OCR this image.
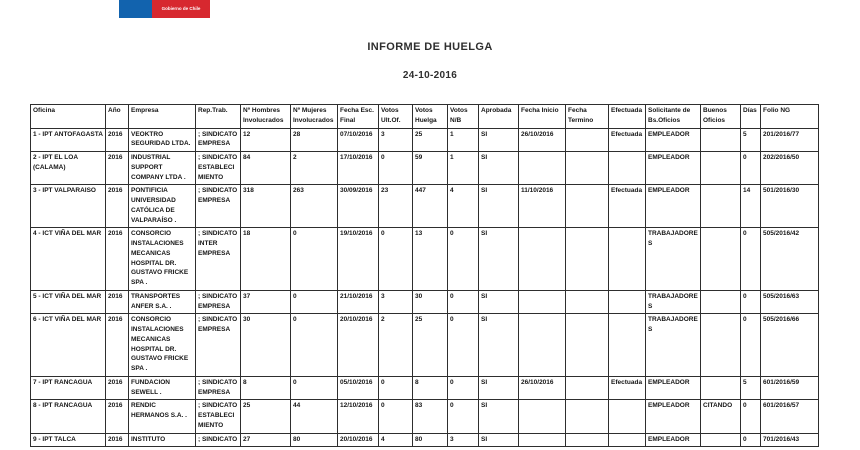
Gobierno de Chile
INFORME DE HUELGA
24-10-2016
Oficina	Año	Empresa	Rep.Trab.	Nº Hombres Involucrados	Nº Mujeres Involucrados	Fecha Esc. Final	Votos Ult.Of.	Votos Huelga	Votos N/B	Aprobada	Fecha Inicio	Fecha Termino	Efectuada	Solicitante de Bs.Oficios	Buenos Oficios	Días	Folio NG
1 - IPT ANTOFAGASTA	2016	VEOKTRO SEGURIDAD LTDA.	; SINDICATO EMPRESA	12	28	07/10/2016	3	25	1	SI	26/10/2016		Efectuada	EMPLEADOR		5	201/2016/77
2 - IPT EL LOA (CALAMA)	2016	INDUSTRIAL SUPPORT COMPANY LTDA .	; SINDICATO ESTABLECIMIENTO	84	2	17/10/2016	0	59	1	SI				EMPLEADOR		0	202/2016/50
3 - IPT VALPARAISO	2016	PONTIFICIA UNIVERSIDAD CATÓLICA DE VALPARAÍSO .	; SINDICATO EMPRESA	318	263	30/09/2016	23	447	4	SI	11/10/2016		Efectuada	EMPLEADOR		14	501/2016/30
4 - ICT VIÑA DEL MAR	2016	CONSORCIO INSTALACIONES MECANICAS HOSPITAL DR. GUSTAVO FRICKE SPA .	; SINDICATO INTER EMPRESA	18	0	19/10/2016	0	13	0	SI				TRABAJADORES		0	505/2016/42
5 - ICT VIÑA DEL MAR	2016	TRANSPORTES ANFER S.A. .	; SINDICATO EMPRESA	37	0	21/10/2016	3	30	0	SI				TRABAJADORES		0	505/2016/63
6 - ICT VIÑA DEL MAR	2016	CONSORCIO INSTALACIONES MECANICAS HOSPITAL DR. GUSTAVO FRICKE SPA .	; SINDICATO EMPRESA	30	0	20/10/2016	2	25	0	SI				TRABAJADORES		0	505/2016/66
7 - IPT RANCAGUA	2016	FUNDACION SEWELL .	; SINDICATO EMPRESA	8	0	05/10/2016	0	8	0	SI	26/10/2016		Efectuada	EMPLEADOR		5	601/2016/59
8 - IPT RANCAGUA	2016	RENDIC HERMANOS S.A. .	; SINDICATO ESTABLECIMIENTO	25	44	12/10/2016	0	83	0	SI				EMPLEADOR	CITANDO	0	601/2016/57
9 - IPT TALCA	2016	INSTITUTO	; SINDICATO	27	80	20/10/2016	4	80	3	SI				EMPLEADOR		0	701/2016/43
